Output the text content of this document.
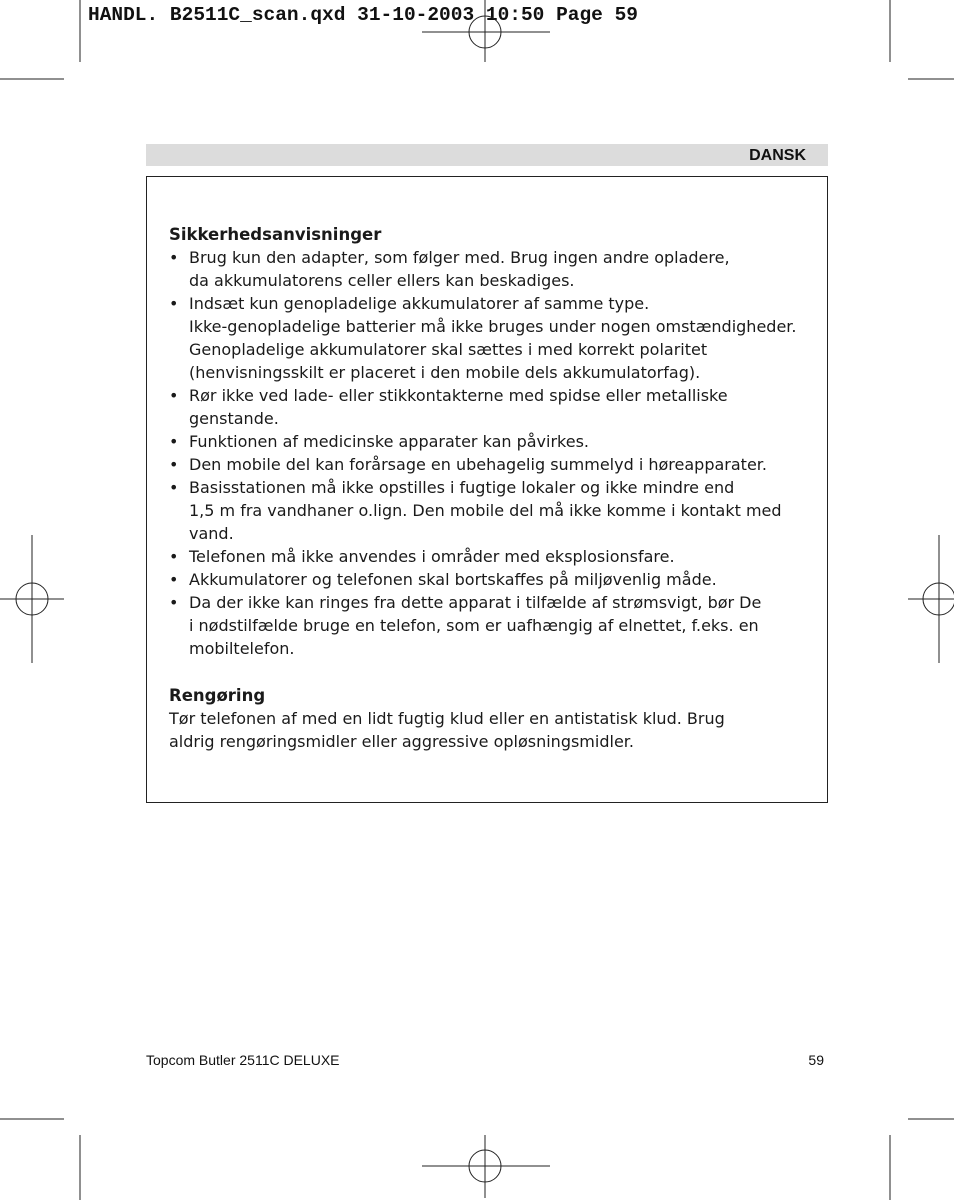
HANDL. B2511C_scan.qxd 31-10-2003 10:50 Page 59
DANSK
Sikkerhedsanvisninger
• Brug kun den adapter, som følger med. Brug ingen andre opladere,
da akkumulatorens celler ellers kan beskadiges.
• Indsæt kun genopladelige akkumulatorer af samme type.
Ikke-genopladelige batterier må ikke bruges under nogen omstændigheder.
Genopladelige akkumulatorer skal sættes i med korrekt polaritet
(henvisningsskilt er placeret i den mobile dels akkumulatorfag).
• Rør ikke ved lade- eller stikkontakterne med spidse eller metalliske
genstande.
• Funktionen af medicinske apparater kan påvirkes.
• Den mobile del kan forårsage en ubehagelig summelyd i høreapparater.
• Basisstationen må ikke opstilles i fugtige lokaler og ikke mindre end
1,5 m fra vandhaner o.lign. Den mobile del må ikke komme i kontakt med
vand.
• Telefonen må ikke anvendes i områder med eksplosionsfare.
• Akkumulatorer og telefonen skal bortskaffes på miljøvenlig måde.
• Da der ikke kan ringes fra dette apparat i tilfælde af strømsvigt, bør De
i nødstilfælde bruge en telefon, som er uafhængig af elnettet, f.eks. en
mobiltelefon.
Rengøring

Tør telefonen af med en lidt fugtig klud eller en antistatisk klud. Brug
aldrig rengøringsmidler eller aggressive opløsningsmidler.

Topcom Butler 2511C DELUXE	59
